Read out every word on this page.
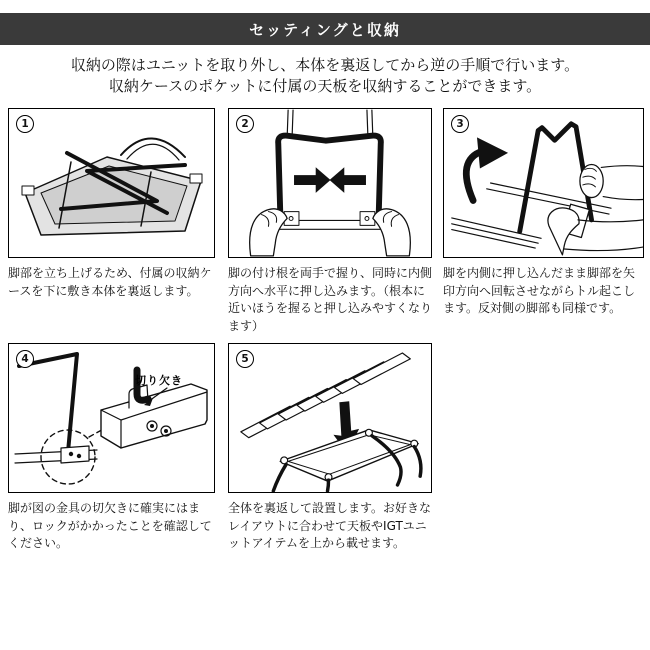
セッティングと収納
収納の際はユニットを取り外し、本体を裏返してから逆の手順で行います。
収納ケースのポケットに付属の天板を収納することができます。
1
脚部を立ち上げるため、付属の収納ケースを下に敷き本体を裏返します。
2
脚の付け根を両手で握り、同時に内側方向へ水平に押し込みます。（根本に近いほうを握ると押し込みやすくなります）
3
脚を内側に押し込んだまま脚部を矢印方向へ回転させながらトル起こします。反対側の脚部も同様です。
4
切り欠き
脚が図の金具の切欠きに確実にはまり、ロックがかかったことを確認してください。
5
全体を裏返して設置します。お好きなレイアウトに合わせて天板やIGTユニットアイテムを上から載せます。
